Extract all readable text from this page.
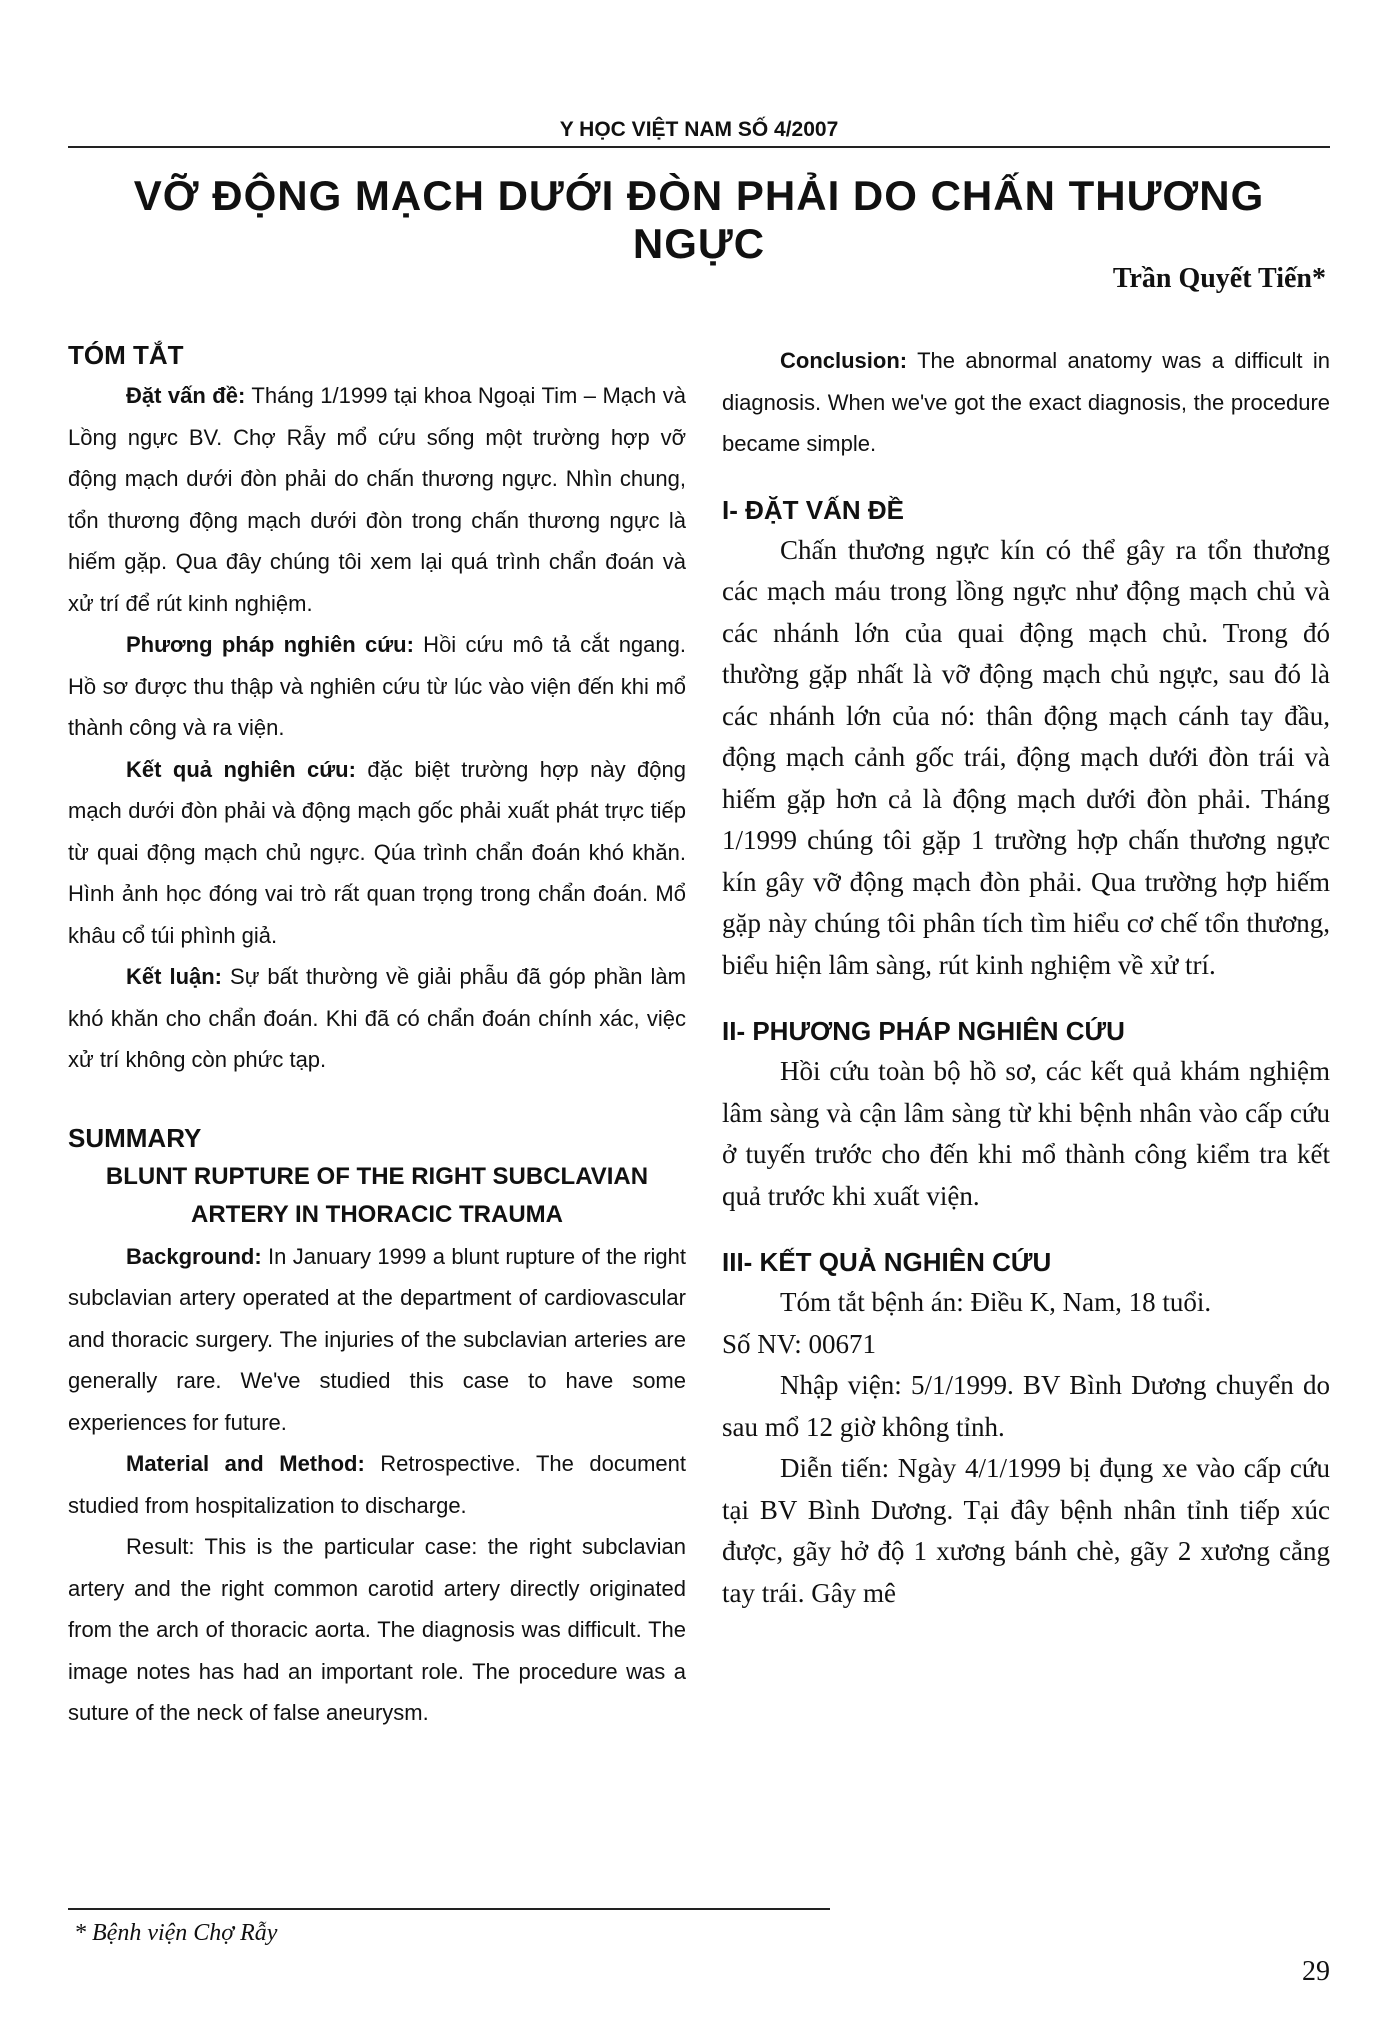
Y HỌC VIỆT NAM SỐ 4/2007
VỠ ĐỘNG MẠCH DƯỚI ĐÒN PHẢI DO CHẤN THƯƠNG NGỰC
Trần Quyết Tiến*
TÓM TẮT

Đặt vấn đề: Tháng 1/1999 tại khoa Ngoại Tim – Mạch và Lồng ngực BV. Chợ Rẫy mổ cứu sống một trường hợp vỡ động mạch dưới đòn phải do chấn thương ngực. Nhìn chung, tổn thương động mạch dưới đòn trong chấn thương ngực là hiếm gặp. Qua đây chúng tôi xem lại quá trình chẩn đoán và xử trí để rút kinh nghiệm.

Phương pháp nghiên cứu: Hồi cứu mô tả cắt ngang. Hồ sơ được thu thập và nghiên cứu từ lúc vào viện đến khi mổ thành công và ra viện.

Kết quả nghiên cứu: đặc biệt trường hợp này động mạch dưới đòn phải và động mạch gốc phải xuất phát trực tiếp từ quai động mạch chủ ngực. Qúa trình chẩn đoán khó khăn. Hình ảnh học đóng vai trò rất quan trọng trong chẩn đoán. Mổ khâu cổ túi phình giả.

Kết luận: Sự bất thường về giải phẫu đã góp phần làm khó khăn cho chẩn đoán. Khi đã có chẩn đoán chính xác, việc xử trí không còn phức tạp.

SUMMARY
BLUNT RUPTURE OF THE RIGHT SUBCLAVIAN ARTERY IN THORACIC TRAUMA

Background: In January 1999 a blunt rupture of the right subclavian artery operated at the department of cardiovascular and thoracic surgery. The injuries of the subclavian arteries are generally rare. We've studied this case to have some experiences for future.

Material and Method: Retrospective. The document studied from hospitalization to discharge.

Result: This is the particular case: the right subclavian artery and the right common carotid artery directly originated from the arch of thoracic aorta. The diagnosis was difficult. The image notes has had an important role. The procedure was a suture of the neck of false aneurysm.

Conclusion: The abnormal anatomy was a difficult in diagnosis. When we've got the exact diagnosis, the procedure became simple.

I- ĐẶT VẤN ĐỀ

Chấn thương ngực kín có thể gây ra tổn thương các mạch máu trong lồng ngực như động mạch chủ và các nhánh lớn của quai động mạch chủ. Trong đó thường gặp nhất là vỡ động mạch chủ ngực, sau đó là các nhánh lớn của nó: thân động mạch cánh tay đầu, động mạch cảnh gốc trái, động mạch dưới đòn trái và hiếm gặp hơn cả là động mạch dưới đòn phải. Tháng 1/1999 chúng tôi gặp 1 trường hợp chấn thương ngực kín gây vỡ động mạch đòn phải. Qua trường hợp hiếm gặp này chúng tôi phân tích tìm hiểu cơ chế tổn thương, biểu hiện lâm sàng, rút kinh nghiệm về xử trí.

II- PHƯƠNG PHÁP NGHIÊN CỨU

Hồi cứu toàn bộ hồ sơ, các kết quả khám nghiệm lâm sàng và cận lâm sàng từ khi bệnh nhân vào cấp cứu ở tuyến trước cho đến khi mổ thành công kiểm tra kết quả trước khi xuất viện.

III- KẾT QUẢ NGHIÊN CỨU

Tóm tắt bệnh án: Điều K, Nam, 18 tuổi.

Số NV: 00671

Nhập viện: 5/1/1999. BV Bình Dương chuyển do sau mổ 12 giờ không tỉnh.

Diễn tiến: Ngày 4/1/1999 bị đụng xe vào cấp cứu tại BV Bình Dương. Tại đây bệnh nhân tỉnh tiếp xúc được, gãy hở độ 1 xương bánh chè, gãy 2 xương cẳng tay trái. Gây mê

* Bệnh viện Chợ Rẫy
29
